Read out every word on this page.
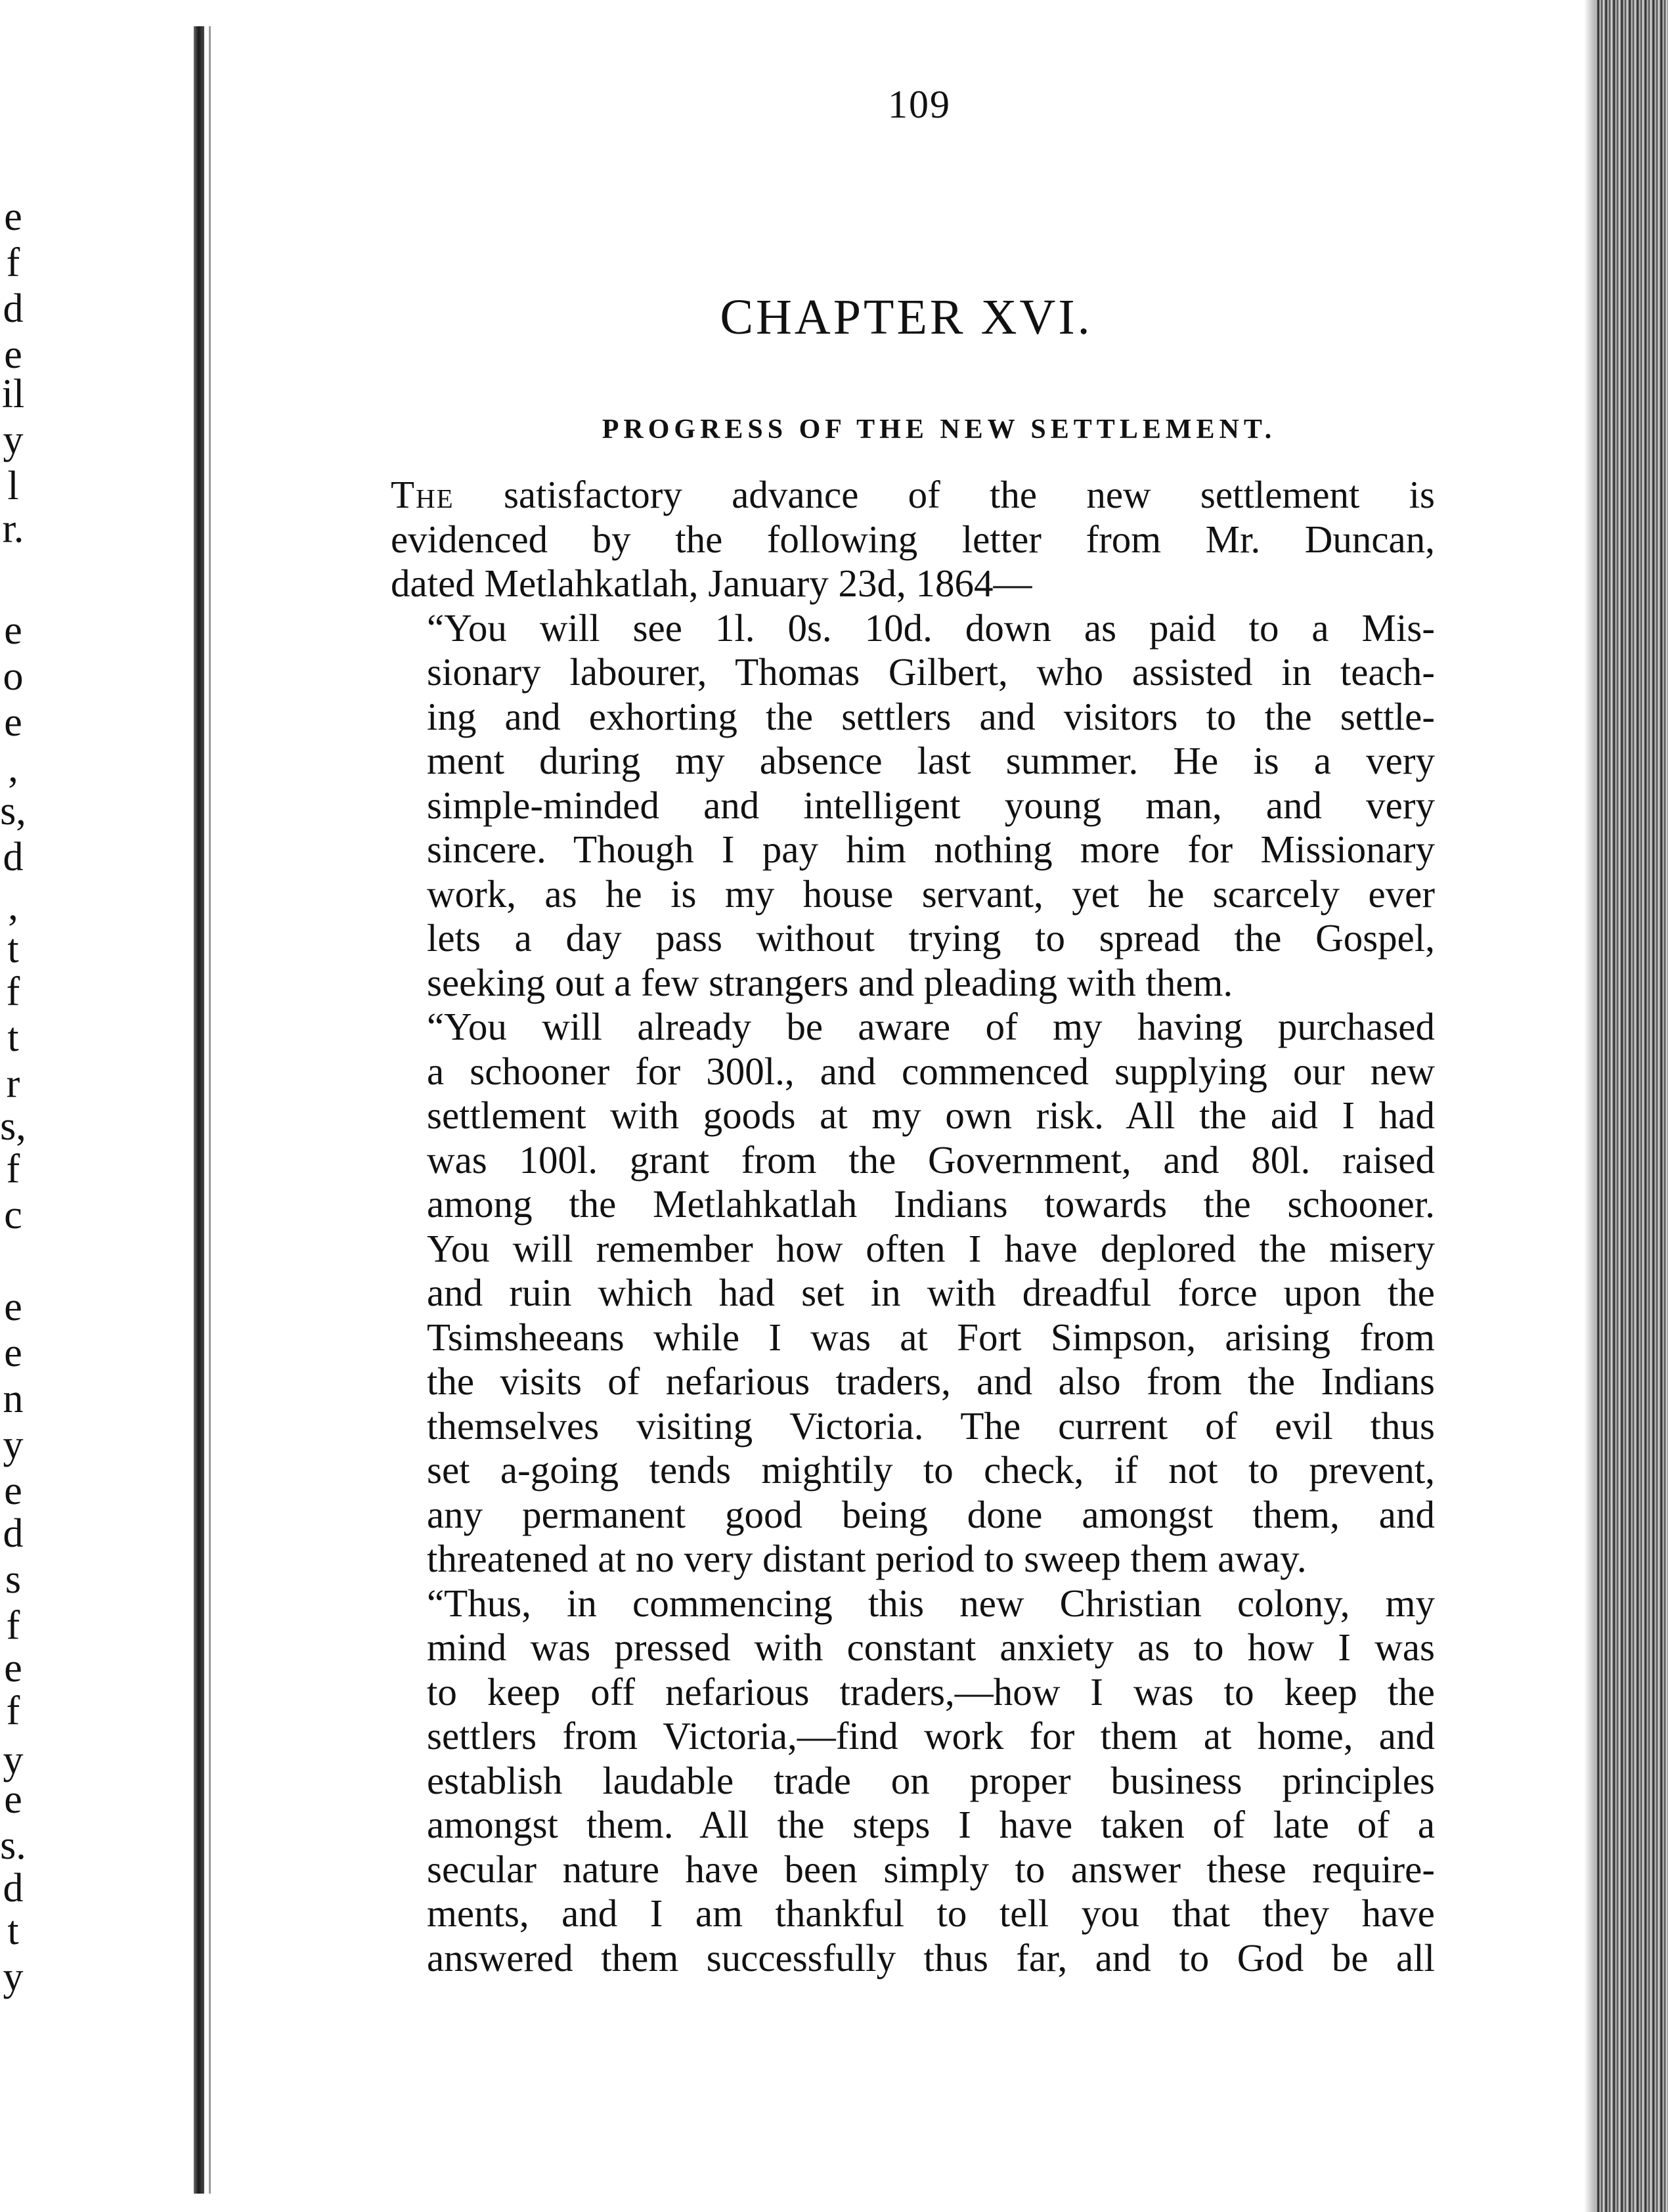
e
f
d
e
il
y
l
r.
e
o
e
,
s,
d
,
t
f
t
r
s,
f
c
e
e
n
y
e
d
s
f
e
f
y
e
s.
d
t
y
109
CHAPTER XVI.
PROGRESS OF THE NEW SETTLEMENT.

The satisfactory advance of the new settlement is
evidenced by the following letter from Mr. Duncan,
dated Metlahkatlah, January 23d, 1864—

“You will see 1l. 0s. 10d. down as paid to a Mis-
sionary labourer, Thomas Gilbert, who assisted in teach-
ing and exhorting the settlers and visitors to the settle-
ment during my absence last summer. He is a very
simple-minded and intelligent young man, and very
sincere. Though I pay him nothing more for Missionary
work, as he is my house servant, yet he scarcely ever
lets a day pass without trying to spread the Gospel,
seeking out a few strangers and pleading with them.

“You will already be aware of my having purchased
a schooner for 300l., and commenced supplying our new
settlement with goods at my own risk. All the aid I had
was 100l. grant from the Government, and 80l. raised
among the Metlahkatlah Indians towards the schooner.
You will remember how often I have deplored the misery
and ruin which had set in with dreadful force upon the
Tsimsheeans while I was at Fort Simpson, arising from
the visits of nefarious traders, and also from the Indians
themselves visiting Victoria. The current of evil thus
set a-going tends mightily to check, if not to prevent,
any permanent good being done amongst them, and
threatened at no very distant period to sweep them away.

“Thus, in commencing this new Christian colony, my
mind was pressed with constant anxiety as to how I was
to keep off nefarious traders,—how I was to keep the
settlers from Victoria,—find work for them at home, and
establish laudable trade on proper business principles
amongst them. All the steps I have taken of late of a
secular nature have been simply to answer these require-
ments, and I am thankful to tell you that they have
answered them successfully thus far, and to God be all
